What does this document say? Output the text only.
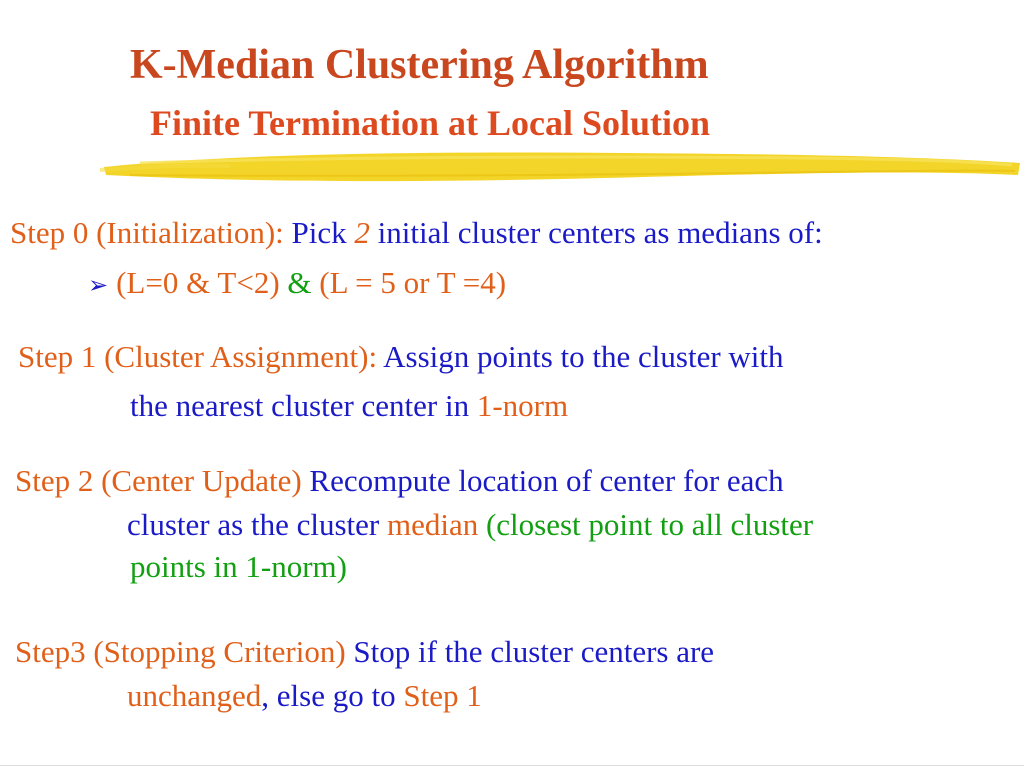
K-Median Clustering Algorithm
Finite Termination at Local Solution

Step 0 (Initialization): Pick 2 initial cluster centers as medians of:

➢ (L=0 & T<2) & (L = 5 or T =4)

Step 1 (Cluster Assignment): Assign points to the cluster with

the nearest cluster center in 1-norm

Step 2 (Center Update) Recompute location of center for each

cluster as the cluster median (closest point to all cluster

points in 1-norm)

Step3 (Stopping Criterion) Stop if the cluster centers are

unchanged, else go to Step 1
